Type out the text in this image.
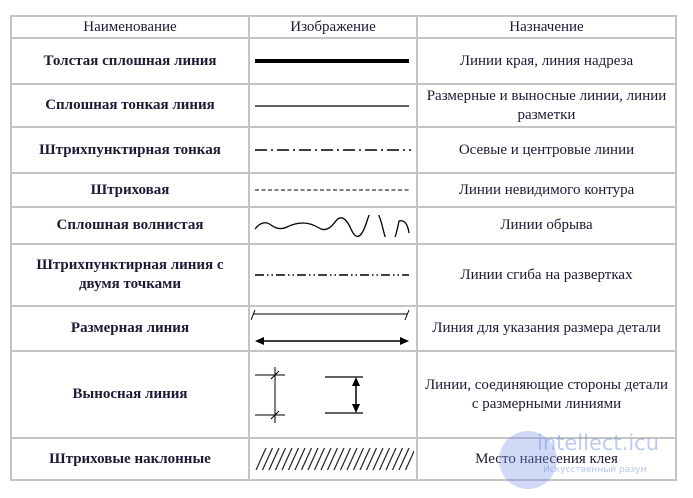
Наименование	Изображение	Назначение
Толстая сплошная линия		Линии края, линия надреза
Сплошная тонкая линия		Размерные и выносные линии, линии разметки
Штрихпунктирная тонкая		Осевые и центровые линии
Штриховая		Линии невидимого контура
Сплошная волнистая		Линии обрыва
Штрихпунктирная линия с двумя точками		Линии сгиба на развертках
Размерная линия		Линия для указания размера детали
Выносная линия		Линии, соединяющие стороны детали с размерными линиями
Штриховые наклонные		Место нанесения клея
intellect.icu
Искусственный разум
